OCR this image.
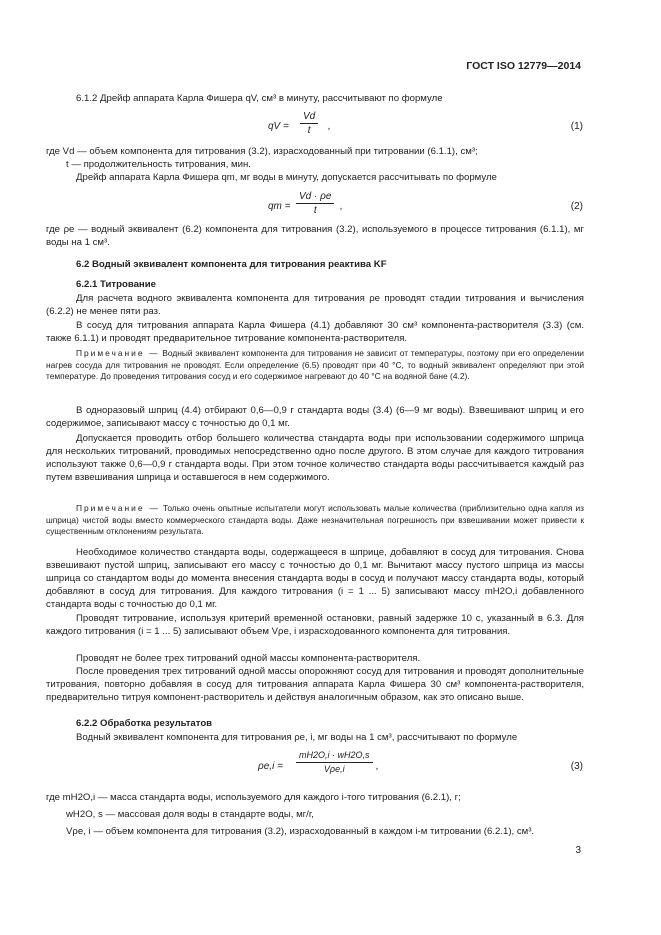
ГОСТ ISO 12779—2014
6.1.2 Дрейф аппарата Карла Фишера qV, см³ в минуту, рассчитывают по формуле
qV = $\frac{Vd}{t}$ ,	(1)
где Vd — объем компонента для титрования (3.2), израсходованный при титровании (6.1.1), см³;
t — продолжительность титрования, мин.
Дрейф аппарата Карла Фишера qm, мг воды в минуту, допускается рассчитывать по формуле
qm = $\frac{Vd \cdot \rho e}{t}$ ,	(2)
где ρe — водный эквивалент (6.2) компонента для титрования (3.2), используемого в процессе титрования (6.1.1), мг воды на 1 см³.
6.2 Водный эквивалент компонента для титрования реактива KF
6.2.1 Титрование
Для расчета водного эквивалента компонента для титрования ρe проводят стадии титрования и вычисления (6.2.2) не менее пяти раз.
В сосуд для титрования аппарата Карла Фишера (4.1) добавляют 30 см³ компонента-растворителя (3.3) (см. также 6.1.1) и проводят предварительное титрование компонента-растворителя.
Примечание — Водный эквивалент компонента для титрования не зависит от температуры, поэтому при его определении нагрев сосуда для титрования не проводят. Если определение (6.5) проводят при 40 °С, то водный эквивалент определяют при этой температуре. До проведения титрования сосуд и его содержимое нагревают до 40 °С на водяной бане (4.2).
В одноразовый шприц (4.4) отбирают 0,6—0,9 г стандарта воды (3.4) (6—9 мг воды). Взвешивают шприц и его содержимое, записывают массу с точностью до 0,1 мг.
Допускается проводить отбор большего количества стандарта воды при использовании содержимого шприца для нескольких титрований, проводимых непосредственно одно после другого. В этом случае для каждого титрования используют также 0,6—0,9 г стандарта воды. При этом точное количество стандарта воды рассчитывается каждый раз путем взвешивания шприца и оставшегося в нем содержимого.
Примечание — Только очень опытные испытатели могут использовать малые количества (приблизительно одна капля из шприца) чистой воды вместо коммерческого стандарта воды. Даже незначительная погрешность при взвешивании может привести к существенным отклонениям результата.
Необходимое количество стандарта воды, содержащееся в шприце, добавляют в сосуд для титрования. Снова взвешивают пустой шприц, записывают его массу с точностью до 0,1 мг. Вычитают массу пустого шприца из массы шприца со стандартом воды до момента внесения стандарта воды в сосуд и получают массу стандарта воды, который добавляют в сосуд для титрования. Для каждого титрования (i = 1 ... 5) записывают массу mH2O,i добавленного стандарта воды с точностью до 0,1 мг.
Проводят титрование, используя критерий временной остановки, равный задержке 10 с, указанный в 6.3. Для каждого титрования (i = 1 ... 5) записывают объем Vρe, i израсходованного компонента для титрования.
Проводят не более трех титрований одной массы компонента-растворителя.
После проведения трех титрований одной массы опорожняют сосуд для титрования и проводят дополнительные титрования, повторно добавляя в сосуд для титрования аппарата Карла Фишера 30 см³ компонента-растворителя, предварительно титруя компонент-растворитель и действуя аналогичным образом, как это описано выше.
6.2.2 Обработка результатов
Водный эквивалент компонента для титрования ρe, i, мг воды на 1 см³, рассчитывают по формуле
ρe,i =
mH2O,i · wH2O,s
Vρe,i	,	(3)
где mH2O,i — масса стандарта воды, используемого для каждого i-того титрования (6.2.1), г;
wH2O, s — массовая доля воды в стандарте воды, мг/г,
Vρe, i — объем компонента для титрования (3.2), израсходованный в каждом i-м титровании (6.2.1), см³.
3
